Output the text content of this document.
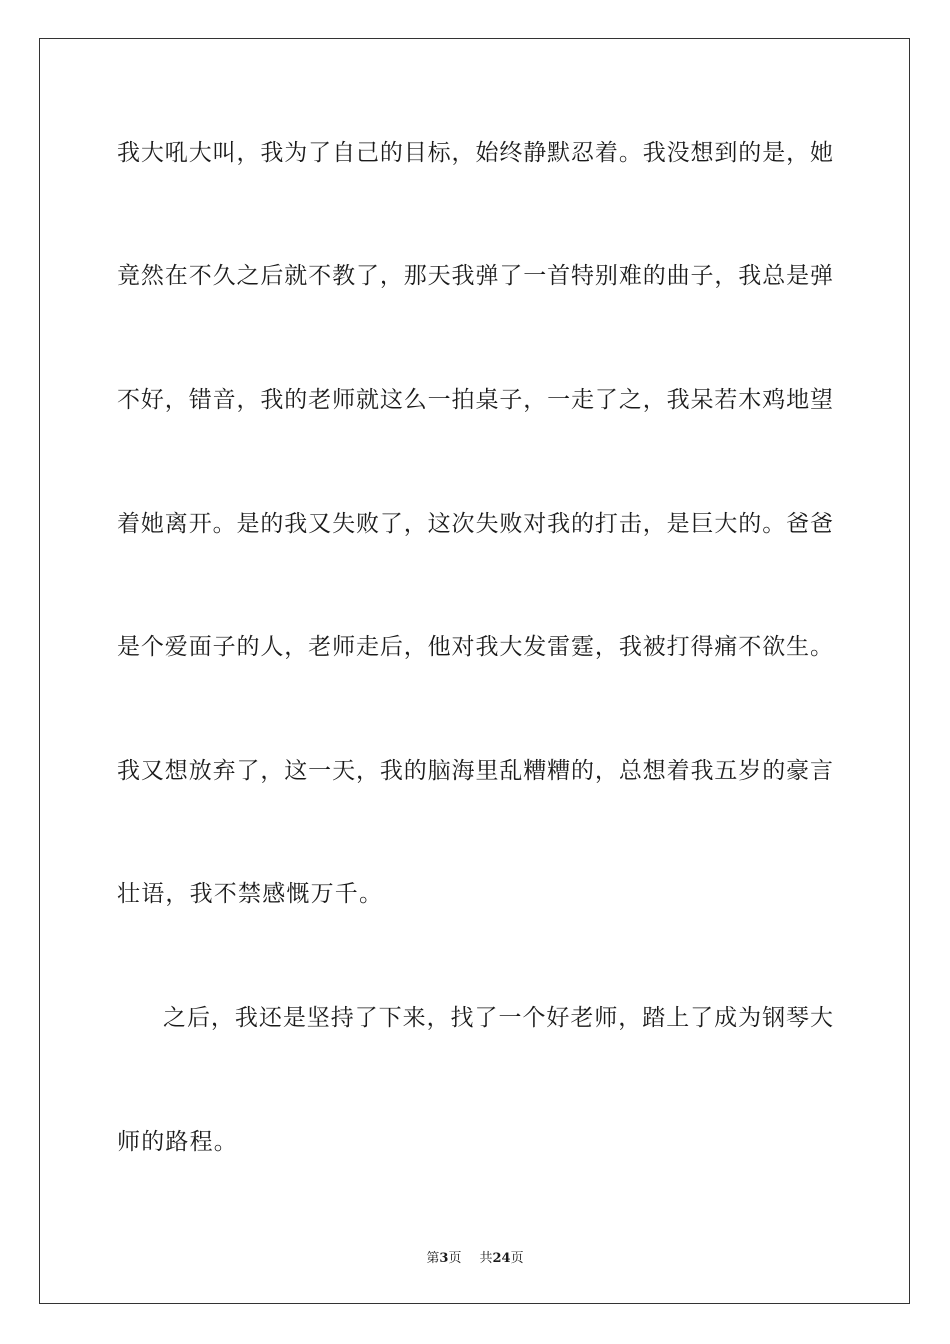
我大吼大叫，我为了自己的目标，始终静默忍着。我没想到的是，她
竟然在不久之后就不教了，那天我弹了一首特别难的曲子，我总是弹
不好，错音，我的老师就这么一拍桌子，一走了之，我呆若木鸡地望
着她离开。是的我又失败了，这次失败对我的打击，是巨大的。爸爸
是个爱面子的人，老师走后，他对我大发雷霆，我被打得痛不欲生。
我又想放弃了，这一天，我的脑海里乱糟糟的，总想着我五岁的豪言
壮语，我不禁感慨万千。
之后，我还是坚持了下来，找了一个好老师，踏上了成为钢琴大
师的路程。
第3页 共24页
